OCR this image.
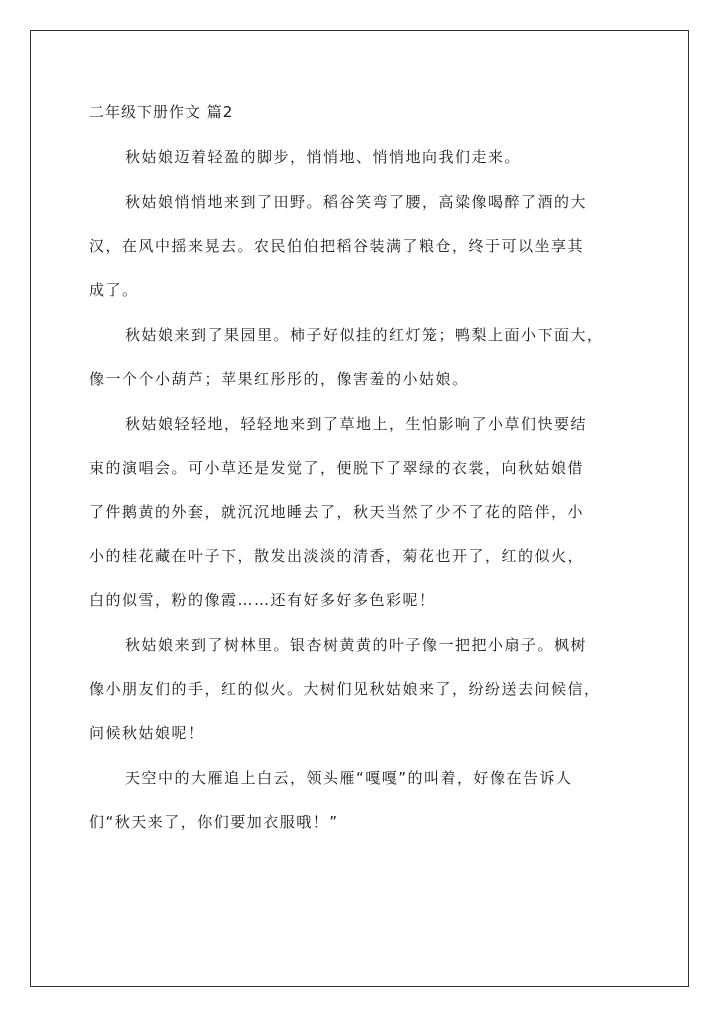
二年级下册作文 篇2

秋姑娘迈着轻盈的脚步，悄悄地、悄悄地向我们走来。

秋姑娘悄悄地来到了田野。稻谷笑弯了腰，高粱像喝醉了酒的大
汉，在风中摇来晃去。农民伯伯把稻谷装满了粮仓，终于可以坐享其
成了。

秋姑娘来到了果园里。柿子好似挂的红灯笼；鸭梨上面小下面大，
像一个个小葫芦；苹果红彤彤的，像害羞的小姑娘。

秋姑娘轻轻地，轻轻地来到了草地上，生怕影响了小草们快要结
束的演唱会。可小草还是发觉了，便脱下了翠绿的衣裳，向秋姑娘借
了件鹅黄的外套，就沉沉地睡去了，秋天当然了少不了花的陪伴，小
小的桂花藏在叶子下，散发出淡淡的清香，菊花也开了，红的似火，
白的似雪，粉的像霞……还有好多好多色彩呢！

秋姑娘来到了树林里。银杏树黄黄的叶子像一把把小扇子。枫树
像小朋友们的手，红的似火。大树们见秋姑娘来了，纷纷送去问候信，
问候秋姑娘呢！

天空中的大雁追上白云，领头雁“嘎嘎”的叫着，好像在告诉人
们“秋天来了，你们要加衣服哦！”
